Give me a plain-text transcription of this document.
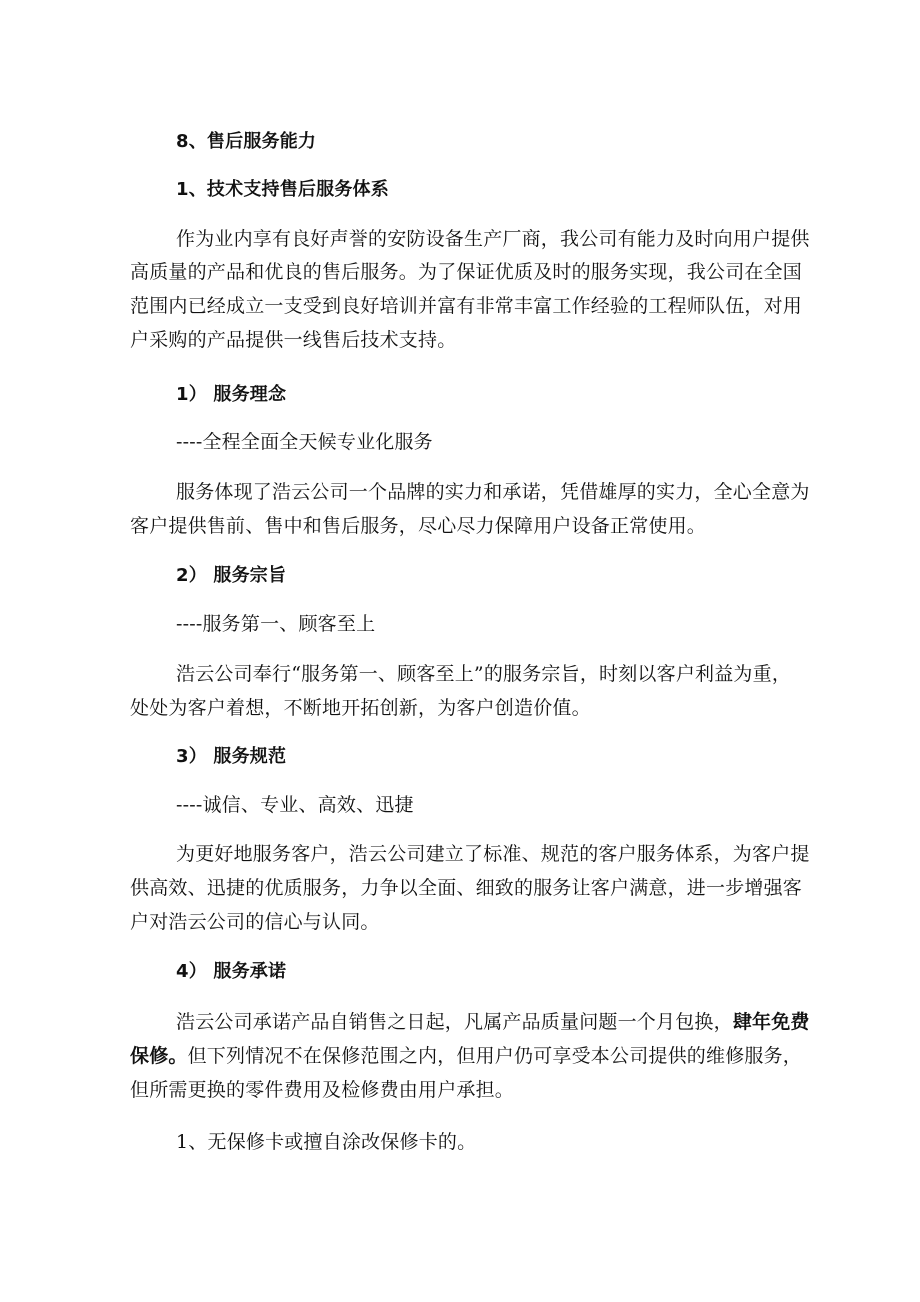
8、售后服务能力
1、技术支持售后服务体系
作为业内享有良好声誉的安防设备生产厂商，我公司有能力及时向用户提供
高质量的产品和优良的售后服务。为了保证优质及时的服务实现，我公司在全国
范围内已经成立一支受到良好培训并富有非常丰富工作经验的工程师队伍，对用
户采购的产品提供一线售后技术支持。
1） 服务理念
----全程全面全天候专业化服务
服务体现了浩云公司一个品牌的实力和承诺，凭借雄厚的实力，全心全意为
客户提供售前、售中和售后服务，尽心尽力保障用户设备正常使用。
2） 服务宗旨
----服务第一、顾客至上
浩云公司奉行“服务第一、顾客至上”的服务宗旨，时刻以客户利益为重，
处处为客户着想，不断地开拓创新，为客户创造价值。
3） 服务规范
----诚信、专业、高效、迅捷
为更好地服务客户，浩云公司建立了标准、规范的客户服务体系，为客户提
供高效、迅捷的优质服务，力争以全面、细致的服务让客户满意，进一步增强客
户对浩云公司的信心与认同。
4） 服务承诺
浩云公司承诺产品自销售之日起，凡属产品质量问题一个月包换，肆年免费
保修。但下列情况不在保修范围之内，但用户仍可享受本公司提供的维修服务，
但所需更换的零件费用及检修费由用户承担。
1、无保修卡或擅自涂改保修卡的。
